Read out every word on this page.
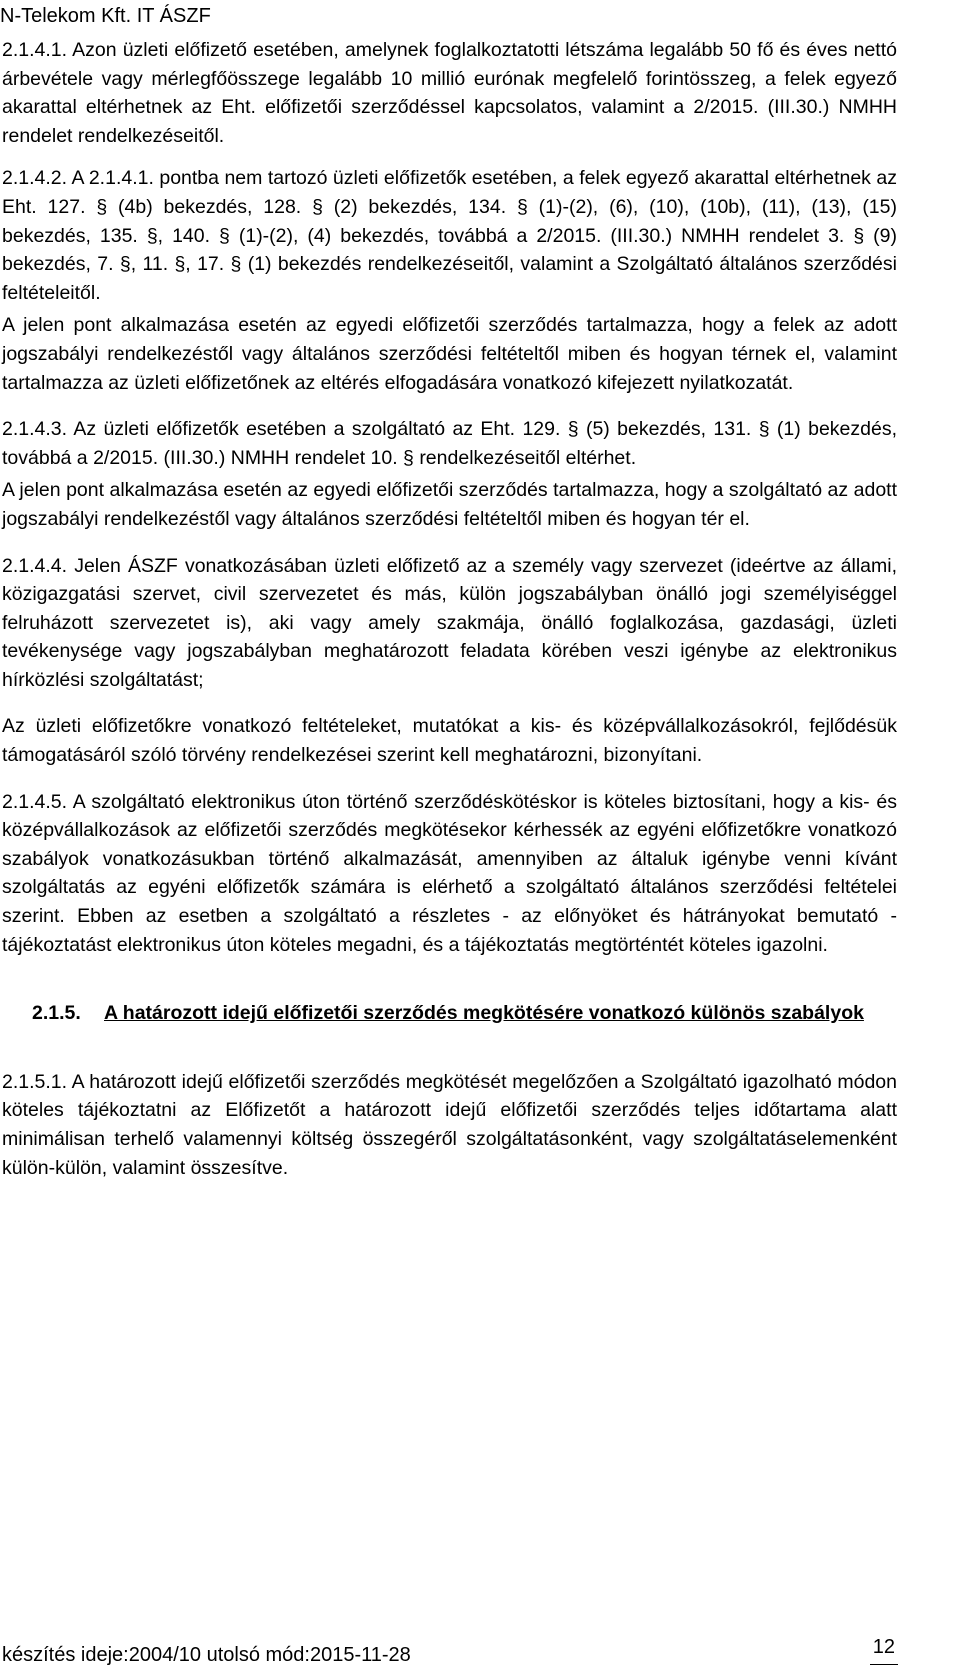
N-Telekom Kft. IT ÁSZF

2.1.4.1. Azon üzleti előfizető esetében, amelynek foglalkoztatotti létszáma legalább 50 fő és éves nettó árbevétele vagy mérlegfőösszege legalább 10 millió eurónak megfelelő forintösszeg, a felek egyező akarattal eltérhetnek az Eht. előfizetői szerződéssel kapcsolatos, valamint a 2/2015. (III.30.) NMHH rendelet rendelkezéseitől.

2.1.4.2. A 2.1.4.1. pontba nem tartozó üzleti előfizetők esetében, a felek egyező akarattal eltérhetnek az Eht. 127. § (4b) bekezdés, 128. § (2) bekezdés, 134. § (1)-(2), (6), (10), (10b), (11), (13), (15) bekezdés, 135. §, 140. § (1)-(2), (4) bekezdés, továbbá a 2/2015. (III.30.) NMHH rendelet 3. § (9) bekezdés, 7. §, 11. §, 17. § (1) bekezdés rendelkezéseitől, valamint a Szolgáltató általános szerződési feltételeitől.

A jelen pont alkalmazása esetén az egyedi előfizetői szerződés tartalmazza, hogy a felek az adott jogszabályi rendelkezéstől vagy általános szerződési feltételtől miben és hogyan térnek el, valamint tartalmazza az üzleti előfizetőnek az eltérés elfogadására vonatkozó kifejezett nyilatkozatát.

2.1.4.3. Az üzleti előfizetők esetében a szolgáltató az Eht. 129. § (5) bekezdés, 131. § (1) bekezdés, továbbá a 2/2015. (III.30.) NMHH rendelet 10. § rendelkezéseitől eltérhet.

A jelen pont alkalmazása esetén az egyedi előfizetői szerződés tartalmazza, hogy a szolgáltató az adott jogszabályi rendelkezéstől vagy általános szerződési feltételtől miben és hogyan tér el.

2.1.4.4. Jelen ÁSZF vonatkozásában üzleti előfizető az a személy vagy szervezet (ideértve az állami, közigazgatási szervet, civil szervezetet és más, külön jogszabályban önálló jogi személyiséggel felruházott szervezetet is), aki vagy amely szakmája, önálló foglalkozása, gazdasági, üzleti tevékenysége vagy jogszabályban meghatározott feladata körében veszi igénybe az elektronikus hírközlési szolgáltatást;

Az üzleti előfizetőkre vonatkozó feltételeket, mutatókat a kis- és középvállalkozásokról, fejlődésük támogatásáról szóló törvény rendelkezései szerint kell meghatározni, bizonyítani.

2.1.4.5. A szolgáltató elektronikus úton történő szerződéskötéskor is köteles biztosítani, hogy a kis- és középvállalkozások az előfizetői szerződés megkötésekor kérhessék az egyéni előfizetőkre vonatkozó szabályok vonatkozásukban történő alkalmazását, amennyiben az általuk igénybe venni kívánt szolgáltatás az egyéni előfizetők számára is elérhető a szolgáltató általános szerződési feltételei szerint. Ebben az esetben a szolgáltató a részletes - az előnyöket és hátrányokat bemutató - tájékoztatást elektronikus úton köteles megadni, és a tájékoztatás megtörténtét köteles igazolni.

2.1.5.	A határozott idejű előfizetői szerződés megkötésére vonatkozó különös szabályok

2.1.5.1. A határozott idejű előfizetői szerződés megkötését megelőzően a Szolgáltató igazolható módon köteles tájékoztatni az Előfizetőt a határozott idejű előfizetői szerződés teljes időtartama alatt minimálisan terhelő valamennyi költség összegéről szolgáltatásonként, vagy szolgáltatáselemenként külön-külön, valamint összesítve.

készítés ideje:2004/10 utolsó mód:2015-11-28	12
